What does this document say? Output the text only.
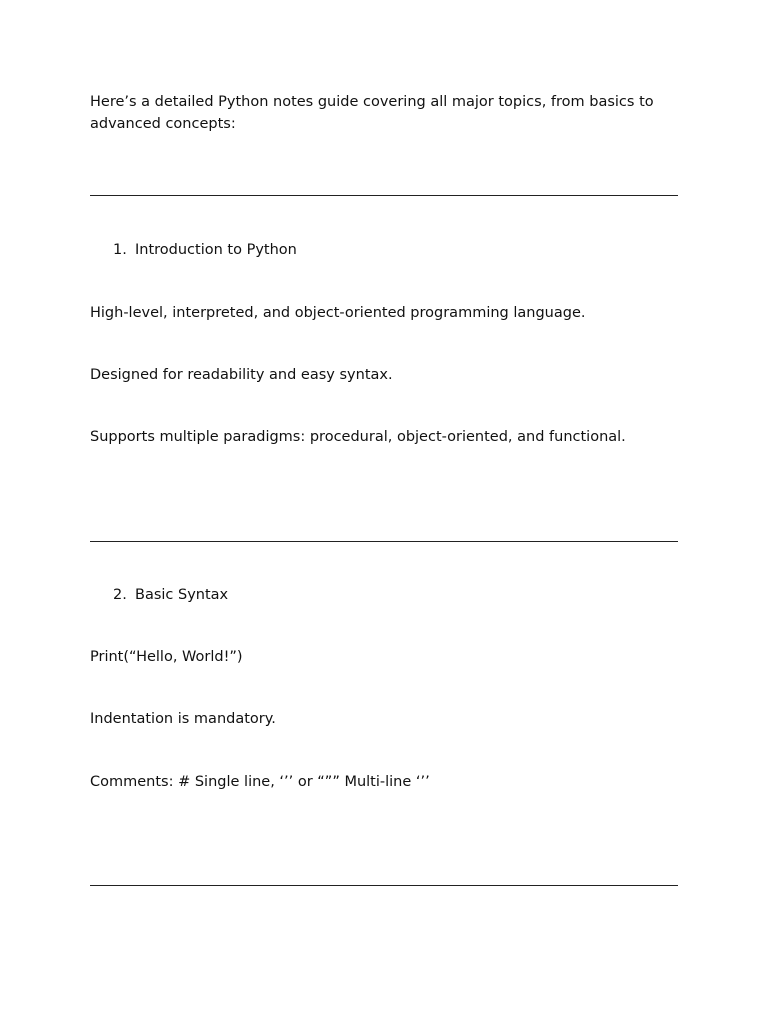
Here’s a detailed Python notes guide covering all major topics, from basics to advanced concepts:

1. Introduction to Python

High-level, interpreted, and object-oriented programming language.

Designed for readability and easy syntax.

Supports multiple paradigms: procedural, object-oriented, and functional.

2. Basic Syntax

Print(“Hello, World!”)

Indentation is mandatory.

Comments: # Single line, ‘’’ or “”” Multi-line ‘’’
